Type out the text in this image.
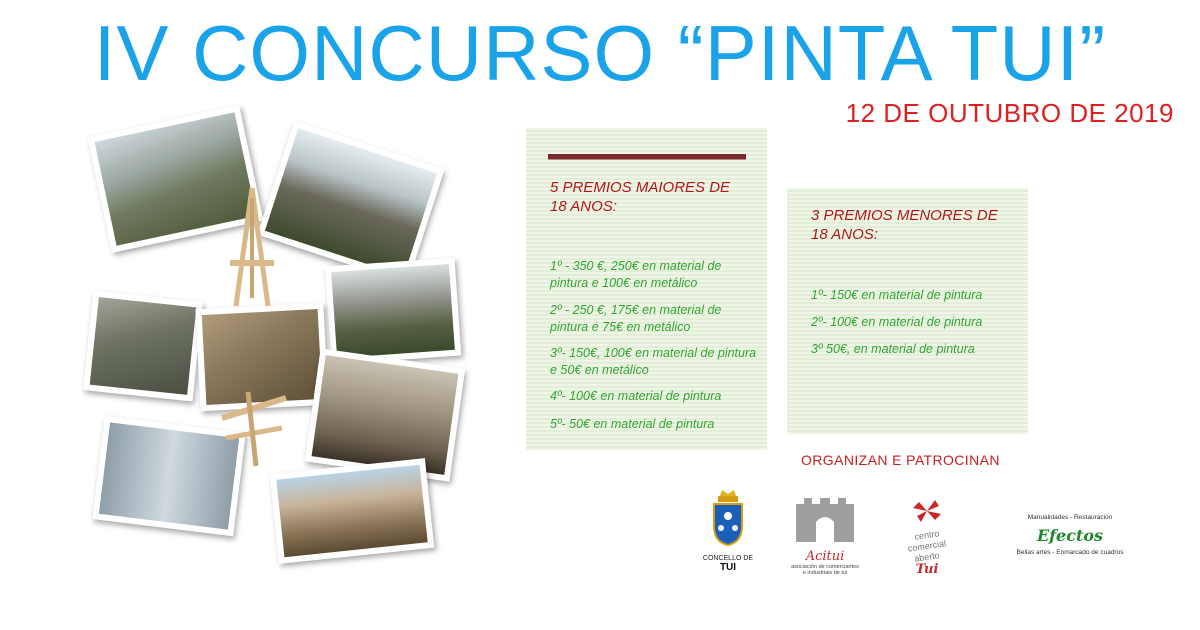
IV CONCURSO “PINTA TUI”
12 DE OUTUBRO DE 2019
5 PREMIOS MAIORES DE 18 ANOS:
1º - 350 €, 250€ en material de pintura e 100€ en metálico
2º - 250 €, 175€ en material de pintura e 75€ en metálico
3º- 150€, 100€ en material de pintura e 50€ en metálico
4º- 100€ en material de pintura
5º- 50€ en material de pintura
3 PREMIOS MENORES DE 18 ANOS:
1º- 150€ en material de pintura
2º- 100€ en material de pintura
3º 50€, en material de pintura
ORGANIZAN E PATROCINAN
CONCELLO DE
TUI
Acitui
asociación de comerciantes e industriais de tui
centro
comercial
aberto
Tui
Manualidades - Restauracion
Efectos
Bellas artes - Enmarcado de cuadros
